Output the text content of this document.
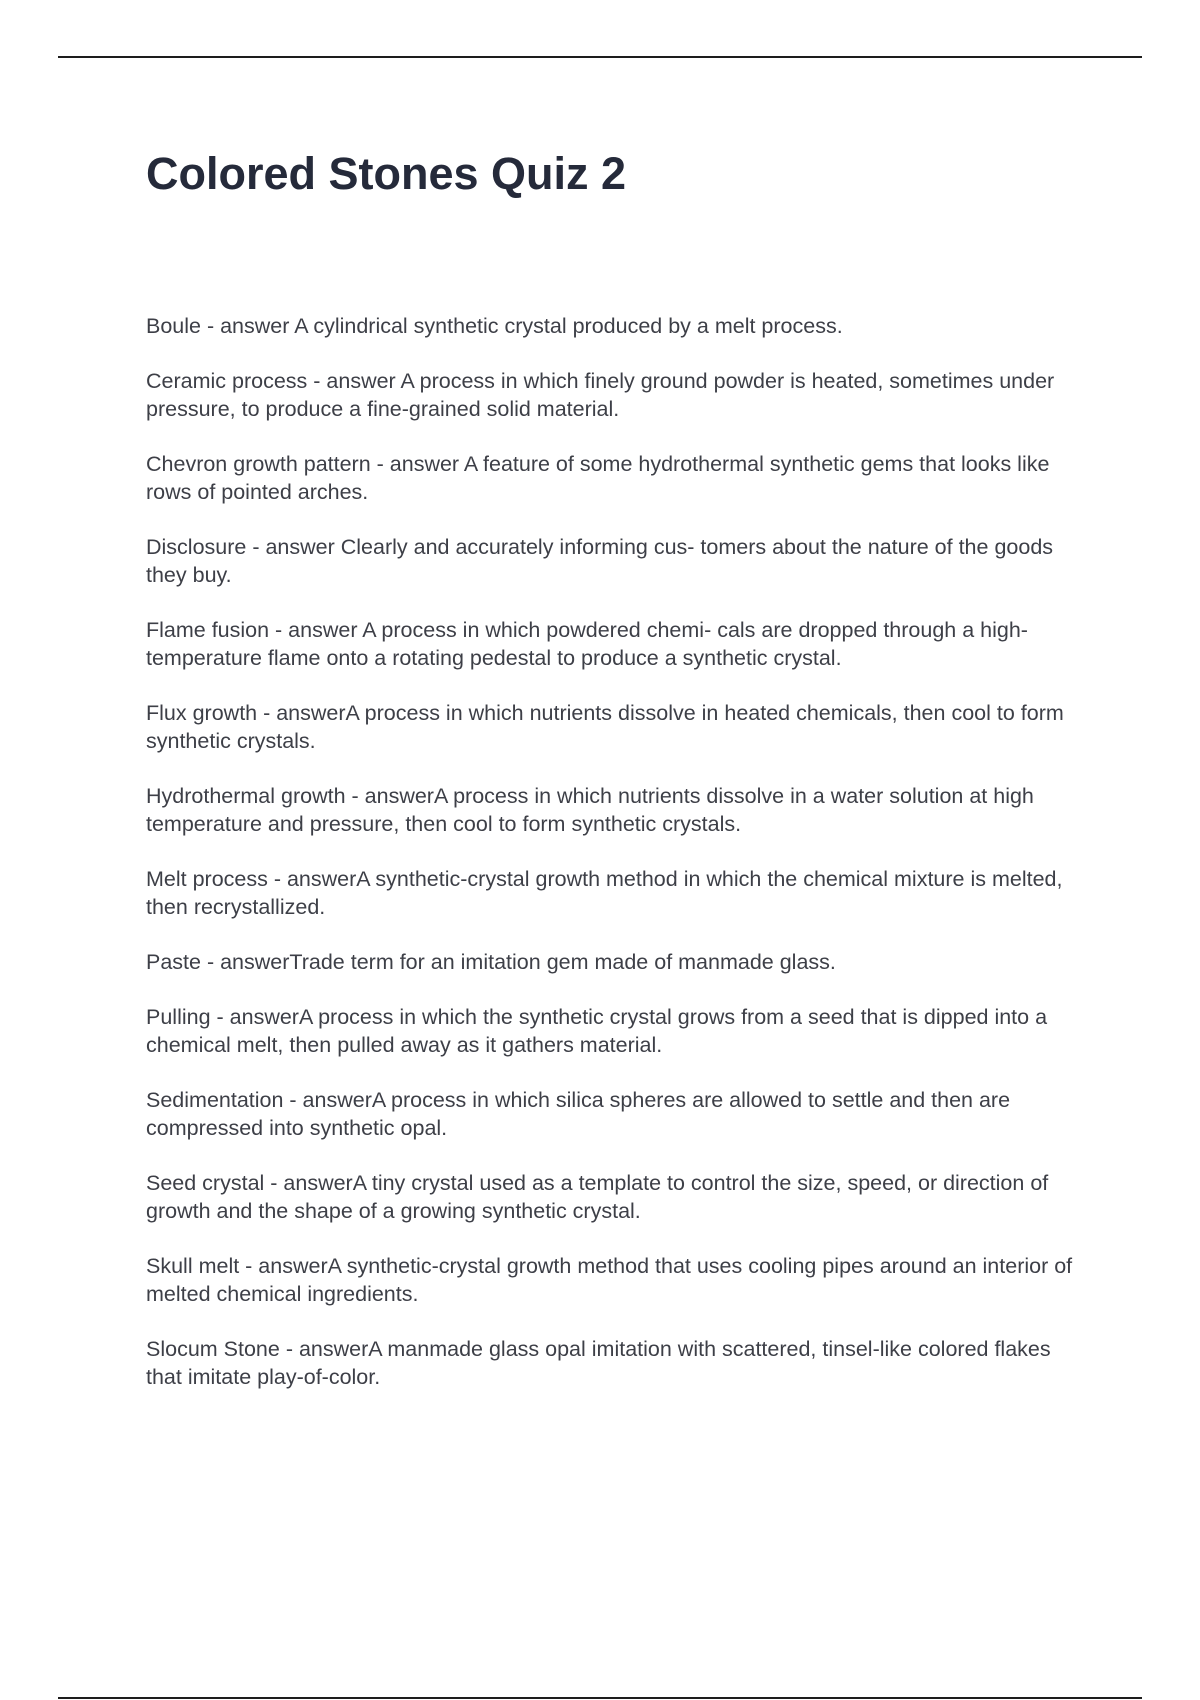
Colored Stones Quiz 2

Boule - answer A cylindrical synthetic crystal produced by a melt process.

Ceramic process - answer A process in which finely ground powder is heated, sometimes under pressure, to produce a fine-grained solid material.

Chevron growth pattern - answer A feature of some hydrothermal synthetic gems that looks like rows of pointed arches.

Disclosure - answer Clearly and accurately informing cus- tomers about the nature of the goods they buy.

Flame fusion - answer A process in which powdered chemi- cals are dropped through a high-temperature flame onto a rotating pedestal to produce a synthetic crystal.

Flux growth - answerA process in which nutrients dissolve in heated chemicals, then cool to form synthetic crystals.

Hydrothermal growth - answerA process in which nutrients dissolve in a water solution at high temperature and pressure, then cool to form synthetic crystals.

Melt process - answerA synthetic-crystal growth method in which the chemical mixture is melted, then recrystallized.

Paste - answerTrade term for an imitation gem made of manmade glass.

Pulling - answerA process in which the synthetic crystal grows from a seed that is dipped into a chemical melt, then pulled away as it gathers material.

Sedimentation - answerA process in which silica spheres are allowed to settle and then are compressed into synthetic opal.

Seed crystal - answerA tiny crystal used as a template to control the size, speed, or direction of growth and the shape of a growing synthetic crystal.

Skull melt - answerA synthetic-crystal growth method that uses cooling pipes around an interior of melted chemical ingredients.

Slocum Stone - answerA manmade glass opal imitation with scattered, tinsel-like colored flakes that imitate play-of-color.
